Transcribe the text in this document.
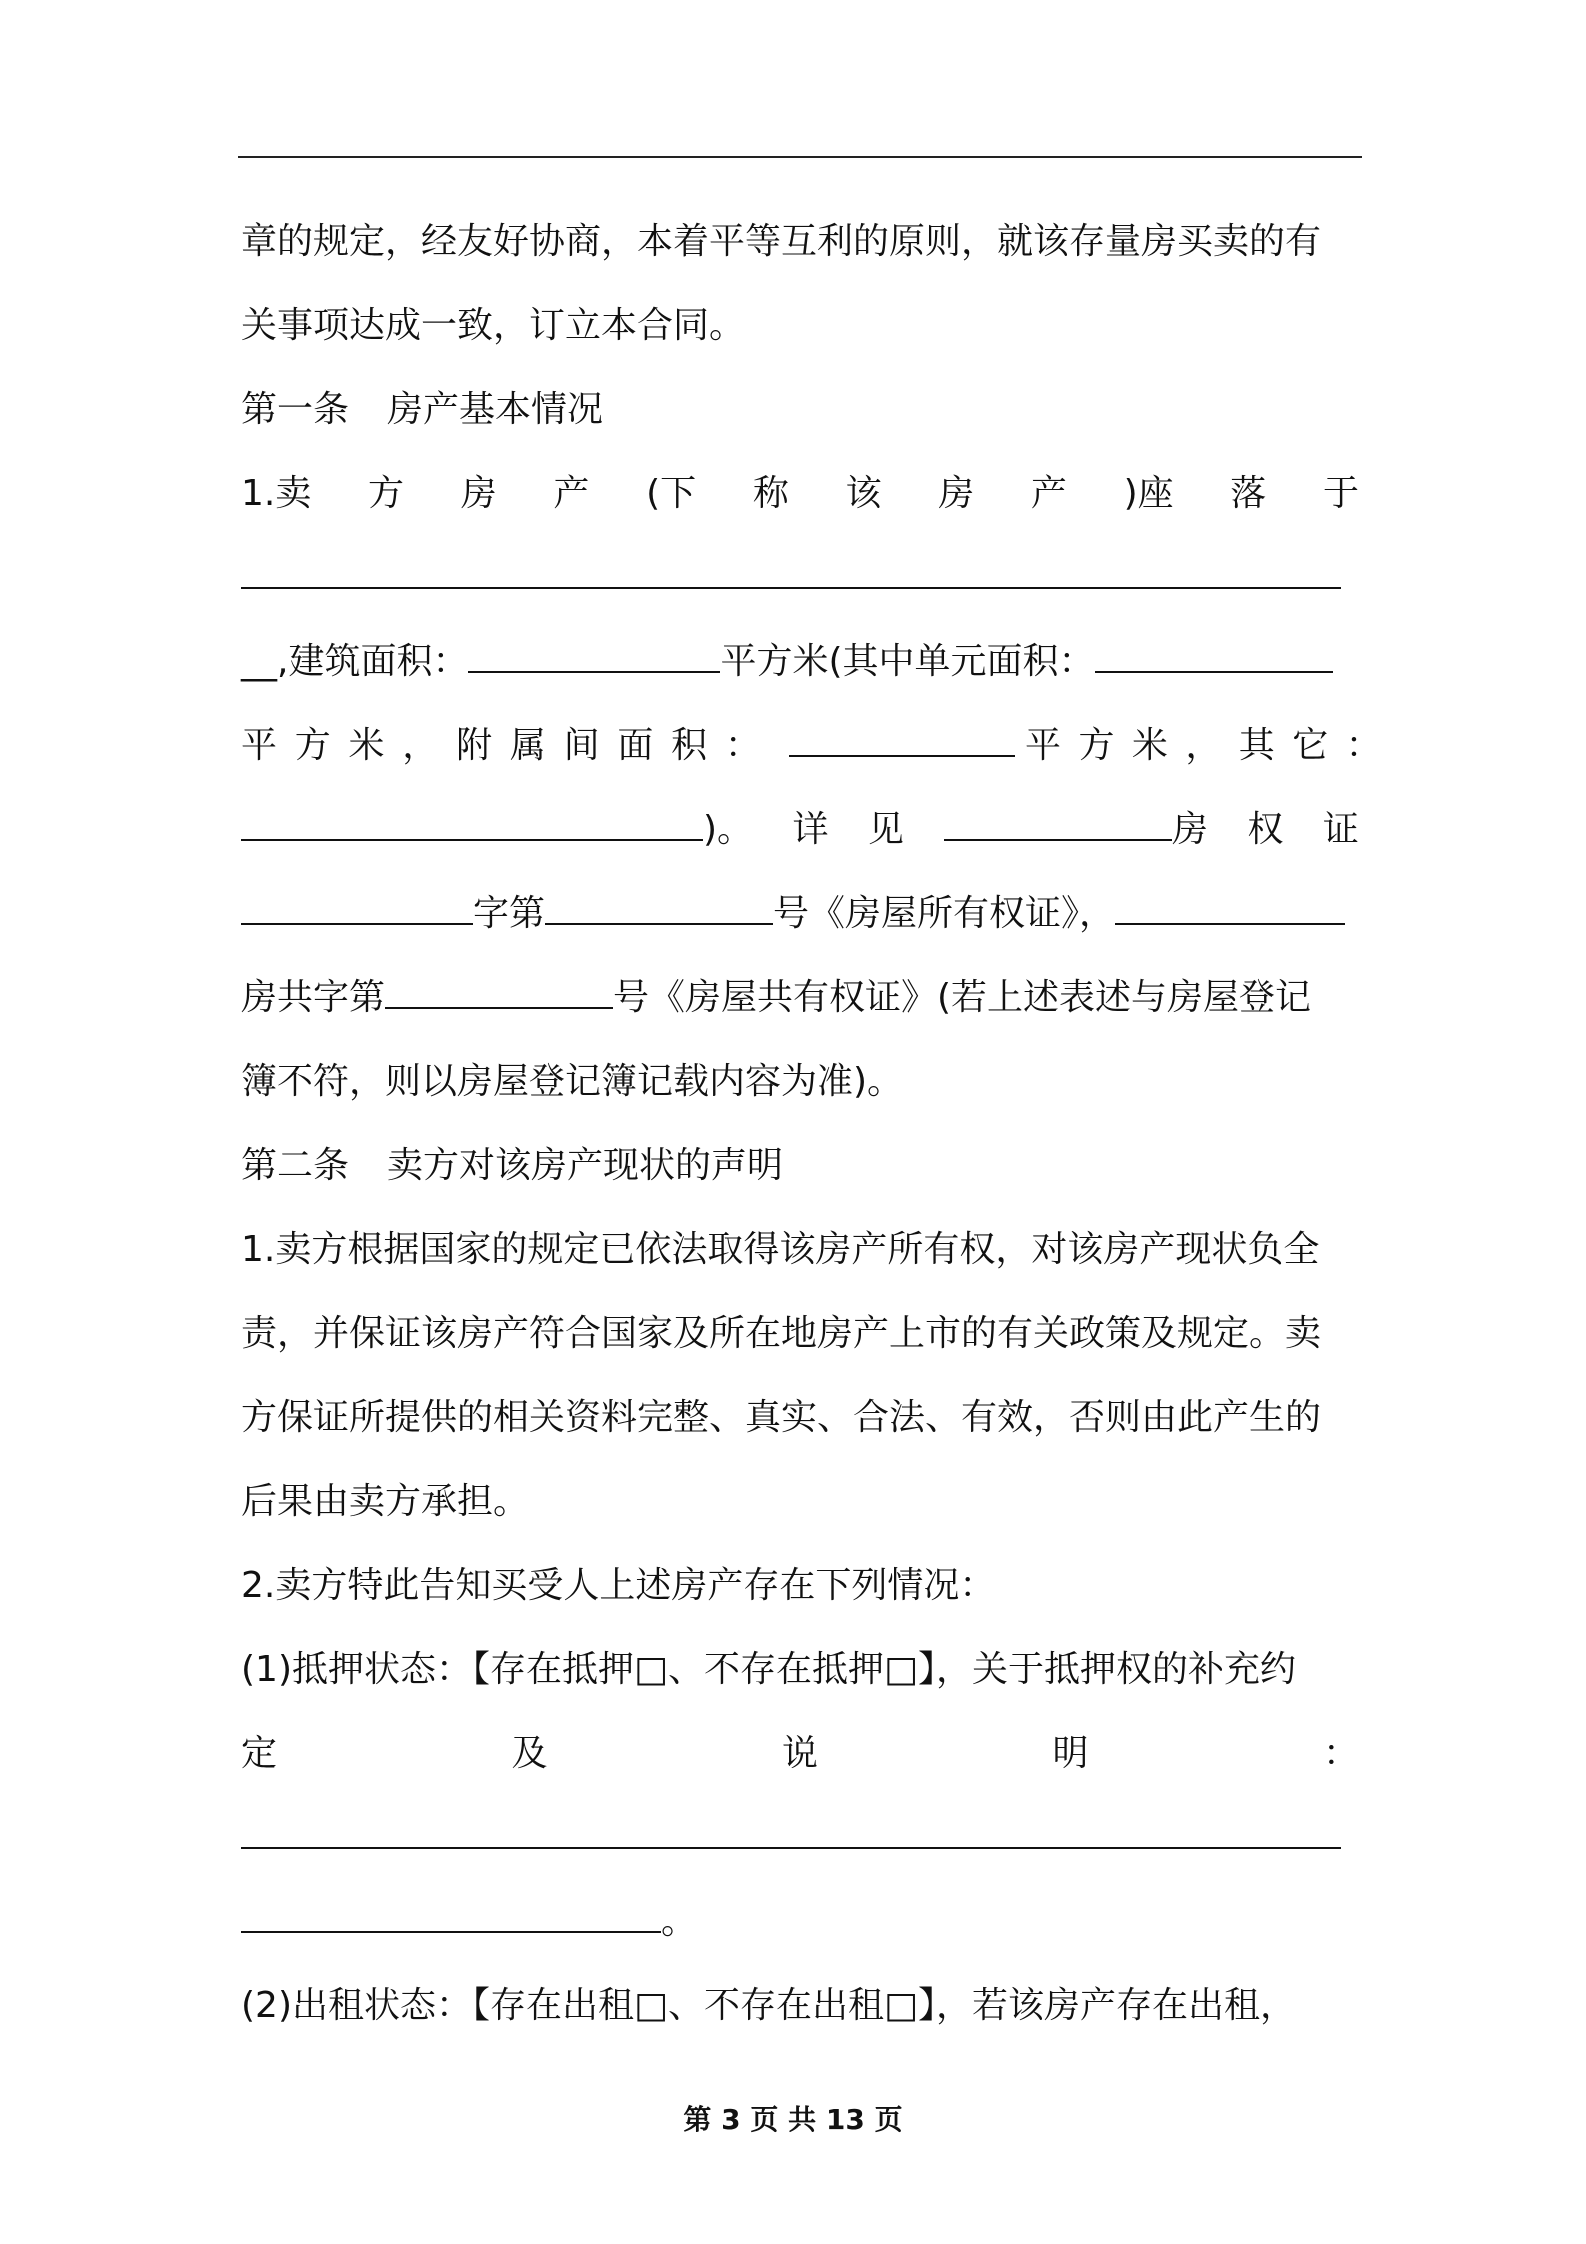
章的规定，经友好协商，本着平等互利的原则，就该存量房买卖的有
关事项达成一致，订立本合同。
第一条 房产基本情况
1.卖 方 房 产 (下 称 该 房 产 )座 落 于
__,建筑面积：	平方米(其中单元面积：
平 方 米 ， 附 属 间 面 积 ：	平 方 米 ， 其 它 ：
)。 详 见	房 权 证
字第	号《房屋所有权证》，
房共字第	号《房屋共有权证》(若上述表述与房屋登记
簿不符，则以房屋登记簿记载内容为准)。
第二条 卖方对该房产现状的声明
1.卖方根据国家的规定已依法取得该房产所有权，对该房产现状负全
责，并保证该房产符合国家及所在地房产上市的有关政策及规定。卖
方保证所提供的相关资料完整、真实、合法、有效，否则由此产生的
后果由卖方承担。
2.卖方特此告知买受人上述房产存在下列情况：
(1)抵押状态：【存在抵押□、不存在抵押□】，关于抵押权的补充约
定	及	说	明	：
。
(2)出租状态：【存在出租□、不存在出租□】，若该房产存在出租，
第 3 页 共 13 页
